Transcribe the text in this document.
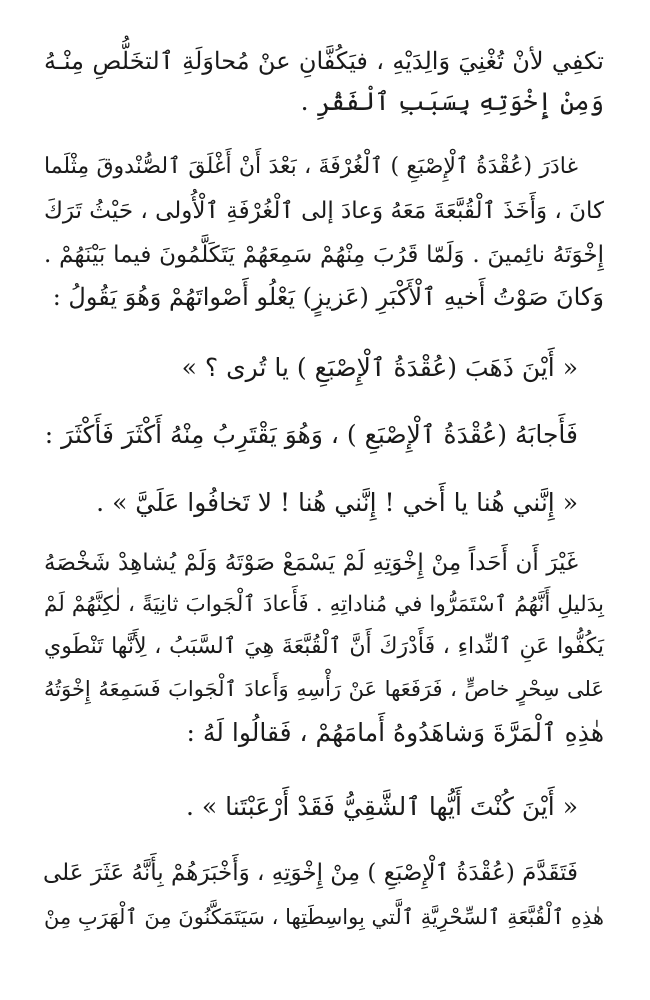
تكفِي لأنْ تُغْنِيَ وَالِدَيْهِ ، فيَكُفَّانِ عنْ مُحاوَلَةِ ٱلتخَلُّصِ مِنْـهُ
وَمِنْ إِخْوَتِهِ بِسَبَبِ ٱلْفَقْرِ .
غادَرَ (عُقْدَةُ ٱلْإِصْبَعِ ) ٱلْغُرْفَةَ ، بَعْدَ أَنْ أَغْلَقَ ٱلصُّنْدوقَ مِثْلَما
كانَ ، وَأَخَذَ ٱلْقُبَّعَةَ مَعَهُ وَعادَ إلى ٱلْغُرْفَةِ ٱلْأُولى ، حَيْثُ تَرَكَ
إِخْوَتَهُ نائِمينَ . وَلَمّا قَرُبَ مِنْهُمْ سَمِعَهُمْ يَتَكَلَّمُونَ فيما بَيْنَهُمْ .
وَكانَ صَوْتُ أَخيهِ ٱلْأَكْبَرِ (عَزيزٍ) يَعْلُو أَصْواتَهُمْ وَهُوَ يَقُولُ :
« أَيْنَ ذَهَبَ (عُقْدَةُ ٱلْإِصْبَعِ ) يا تُرى ؟ »
فَأَجابَهُ (عُقْدَةُ ٱلْإِصْبَعِ ) ، وَهُوَ يَقْتَرِبُ مِنْهُ أَكْثَرَ فَأَكْثَرَ :
« إِنَّني هُنا يا أَخي ! إِنَّني هُنا ! لا تَخافُوا عَلَيَّ » .
غَيْرَ أَن أَحَداً مِنْ إِخْوَتِهِ لَمْ يَسْمَعْ صَوْتَهُ وَلَمْ يُشاهِدْ شَخْصَهُ
بِدَليلِ أَنَّهُمُ ٱسْتَمَرُّوا في مُناداتِهِ . فَأَعادَ ٱلْجَوابَ ثانِيَةً ، لٰكِنَّهُمْ لَمْ
يَكُفُّوا عَنِ ٱلنِّداءِ ، فَأَدْرَكَ أَنَّ ٱلْقُبَّعَةَ هِيَ ٱلسَّبَبُ ، لِأَنَّها تَنْطَوي
عَلى سِحْرٍ خاصٍّ ، فَرَفَعَها عَنْ رَأْسِهِ وَأَعادَ ٱلْجَوابَ فَسَمِعَهُ إِخْوَتُهُ
هٰذِهِ ٱلْمَرَّةَ وَشاهَدُوهُ أَمامَهُمْ ، فَقالُوا لَهُ :
« أَيْنَ كُنْتَ أَيُّها ٱلشَّقِيُّ فَقَدْ أَرْعَبْتَنا » .
فَتَقَدَّمَ (عُقْدَةُ ٱلْإِصْبَعِ ) مِنْ إِخْوَتِهِ ، وَأَخْبَرَهُمْ بِأَنَّهُ عَثَرَ عَلى
هٰذِهِ ٱلْقُبَّعَةِ ٱلسِّحْرِيَّةِ ٱلَّتي بِواسِطَتِها ، سَيَتَمَكَّنُونَ مِنَ ٱلْهَرَبِ مِنْ
